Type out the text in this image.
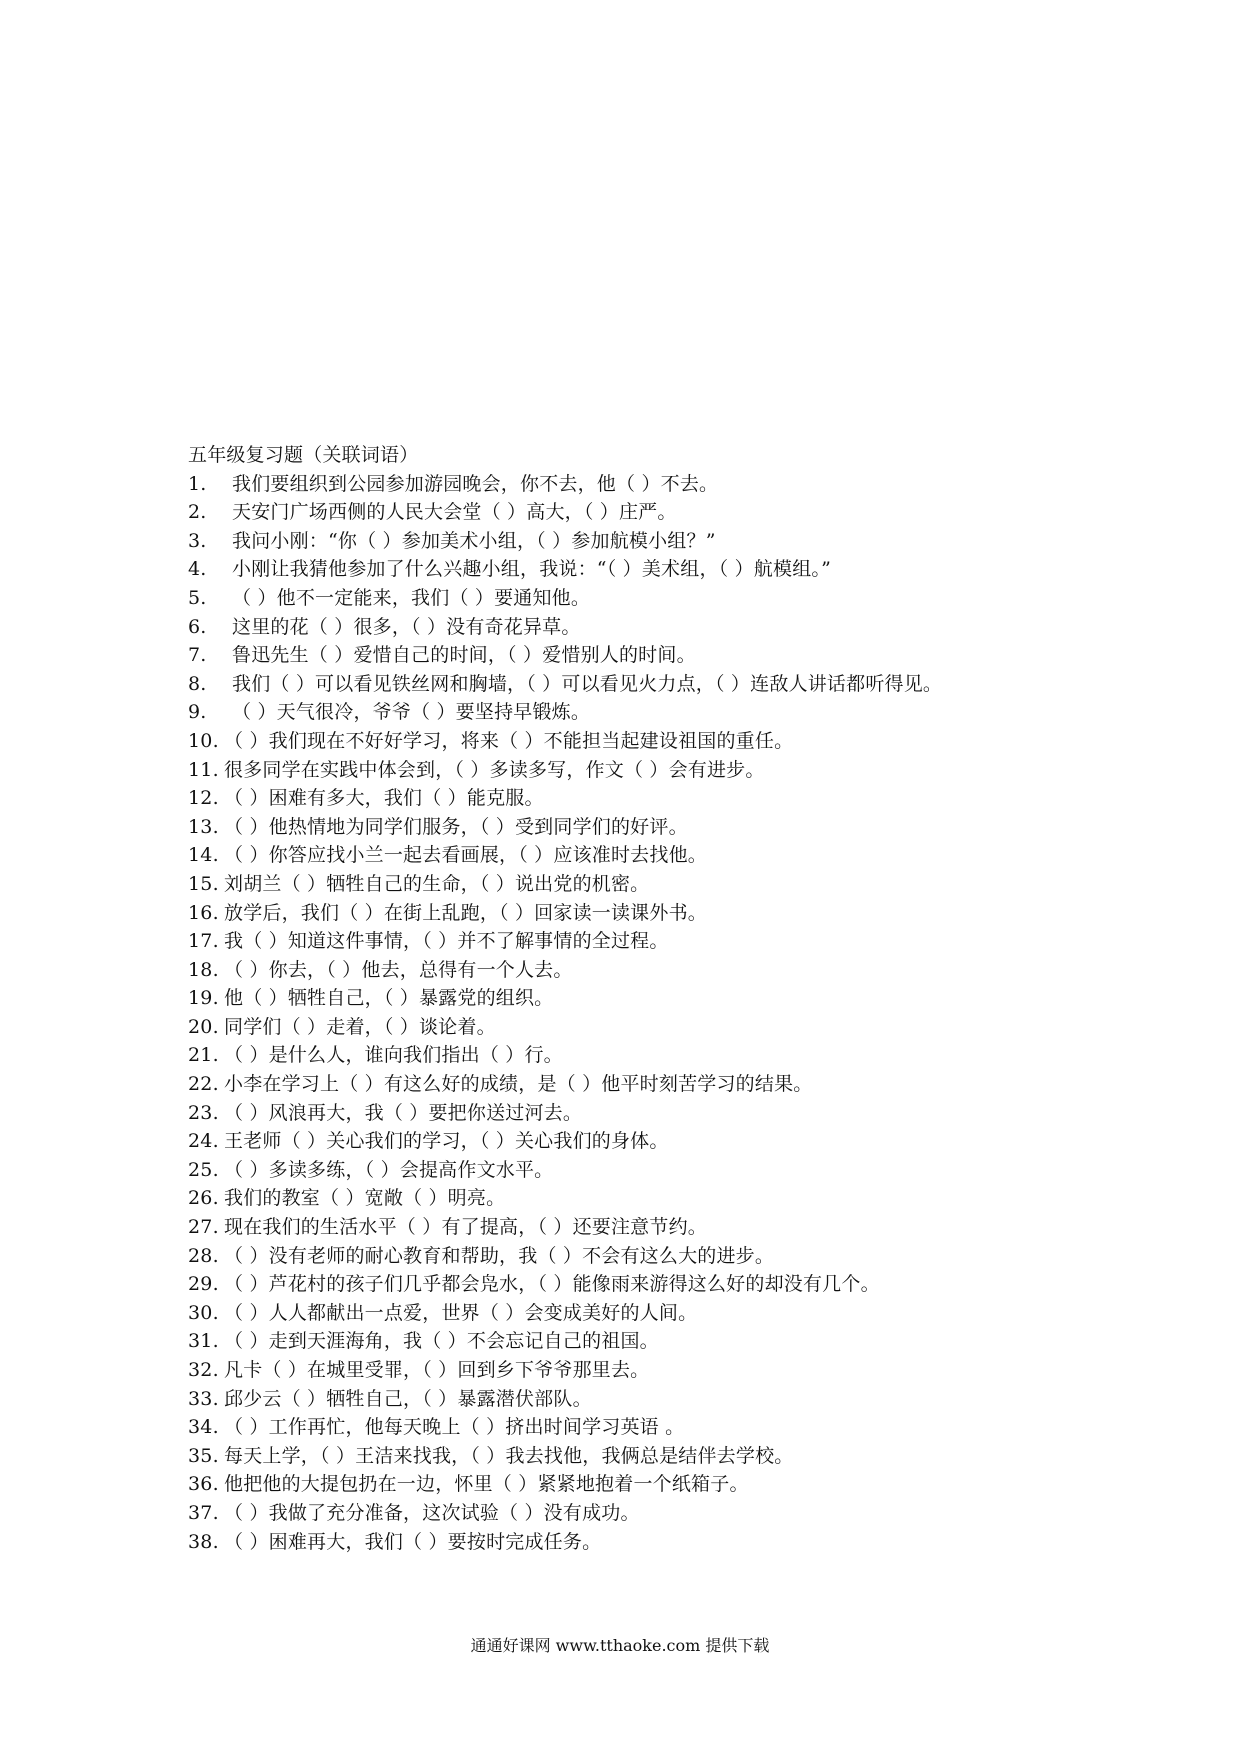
五年级复习题（关联词语）
1. 我们要组织到公园参加游园晚会，你不去，他（ ）不去。
2. 天安门广场西侧的人民大会堂（ ）高大，（ ）庄严。
3. 我问小刚：“你（ ）参加美术小组，（ ）参加航模小组？”
4. 小刚让我猜他参加了什么兴趣小组，我说：“（ ）美术组，（ ）航模组。”
5. （ ）他不一定能来，我们（ ）要通知他。
6. 这里的花（ ）很多，（ ）没有奇花异草。
7. 鲁迅先生（ ）爱惜自己的时间，（ ）爱惜别人的时间。
8. 我们（ ）可以看见铁丝网和胸墙，（ ）可以看见火力点，（ ）连敌人讲话都听得见。
9. （ ）天气很冷，爷爷（ ）要坚持早锻炼。
10. （ ）我们现在不好好学习，将来（ ）不能担当起建设祖国的重任。
11. 很多同学在实践中体会到，（ ）多读多写，作文（ ）会有进步。
12. （ ）困难有多大，我们（ ）能克服。
13. （ ）他热情地为同学们服务，（ ）受到同学们的好评。
14. （ ）你答应找小兰一起去看画展，（ ）应该准时去找他。
15. 刘胡兰（ ）牺牲自己的生命，（ ）说出党的机密。
16. 放学后，我们（ ）在街上乱跑，（ ）回家读一读课外书。
17. 我（ ）知道这件事情，（ ）并不了解事情的全过程。
18. （ ）你去，（ ）他去，总得有一个人去。
19. 他（ ）牺牲自己，（ ）暴露党的组织。
20. 同学们（ ）走着，（ ）谈论着。
21. （ ）是什么人，谁向我们指出（ ）行。
22. 小李在学习上（ ）有这么好的成绩，是（ ）他平时刻苦学习的结果。
23. （ ）风浪再大，我（ ）要把你送过河去。
24. 王老师（ ）关心我们的学习，（ ）关心我们的身体。
25. （ ）多读多练，（ ）会提高作文水平。
26. 我们的教室（ ）宽敞（ ）明亮。
27. 现在我们的生活水平（ ）有了提高，（ ）还要注意节约。
28. （ ）没有老师的耐心教育和帮助，我（ ）不会有这么大的进步。
29. （ ）芦花村的孩子们几乎都会凫水，（ ）能像雨来游得这么好的却没有几个。
30. （ ）人人都献出一点爱，世界（ ）会变成美好的人间。
31. （ ）走到天涯海角，我（ ）不会忘记自己的祖国。
32. 凡卡（ ）在城里受罪，（ ）回到乡下爷爷那里去。
33. 邱少云（ ）牺牲自己，（ ）暴露潜伏部队。
34. （ ）工作再忙，他每天晚上（ ）挤出时间学习英语 。
35. 每天上学，（ ）王洁来找我，（ ）我去找他，我俩总是结伴去学校。
36. 他把他的大提包扔在一边，怀里（ ）紧紧地抱着一个纸箱子。
37. （ ）我做了充分准备，这次试验（ ）没有成功。
38. （ ）困难再大，我们（ ）要按时完成任务。
通通好课网 www.tthaoke.com 提供下载
